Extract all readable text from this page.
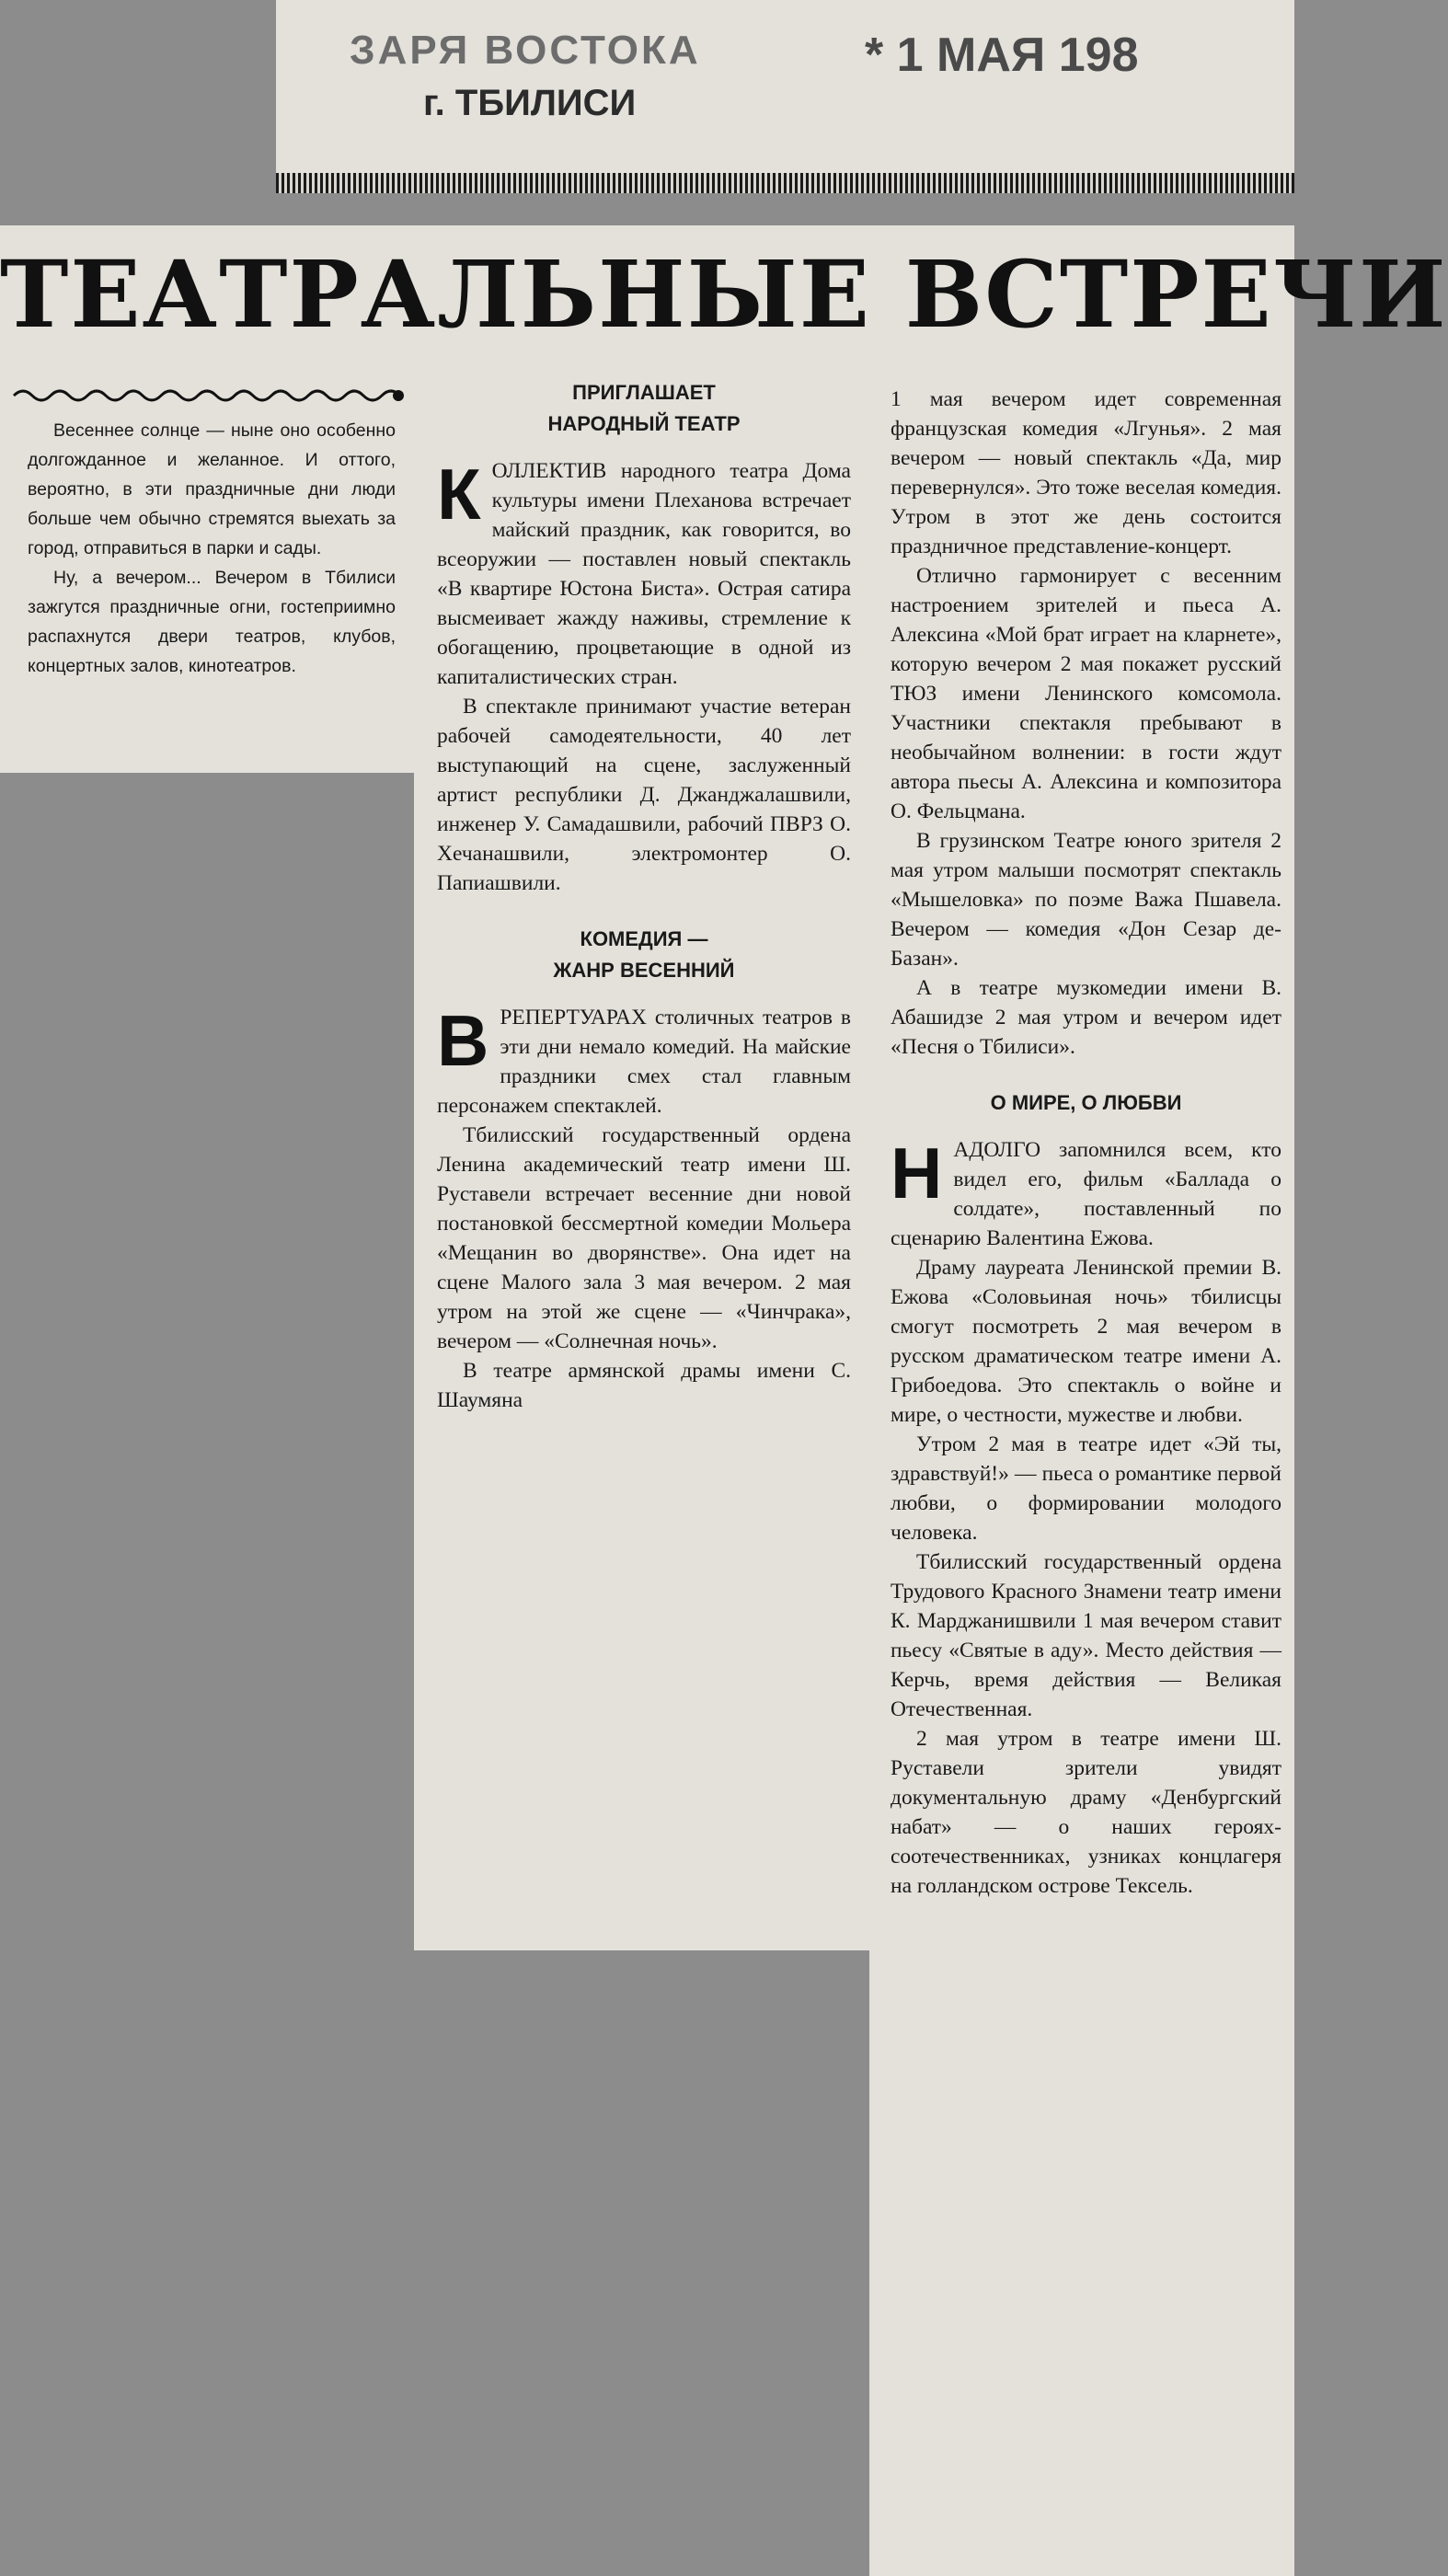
ЗАРЯ ВОСТОКА
г. ТБИЛИСИ
* 1 МАЯ 198
ТЕАТРАЛЬНЫЕ ВСТРЕЧИ

Весеннее солнце — ныне оно особенно долгожданное и желанное. И оттого, вероятно, в эти праздничные дни люди больше чем обычно стремятся выехать за город, отправиться в парки и сады.

Ну, а вечером... Вечером в Тбилиси зажгутся праздничные огни, гостеприимно распахнутся двери театров, клубов, концертных залов, кинотеатров.

ПРИГЛАШАЕТ
НАРОДНЫЙ ТЕАТР

КОЛЛЕКТИВ народного театра Дома культуры имени Плеханова встречает майский праздник, как говорится, во всеоружии — поставлен новый спектакль «В квартире Юстона Биста». Острая сатира высмеивает жажду наживы, стремление к обогащению, процветающие в одной из капиталистических стран.

В спектакле принимают участие ветеран рабочей самодеятельности, 40 лет выступающий на сцене, заслуженный артист республики Д. Джанджалашвили, инженер У. Самадашвили, рабочий ПВРЗ О. Хечанашвили, электромонтер О. Папиашвили.

КОМЕДИЯ —
ЖАНР ВЕСЕННИЙ

ВРЕПЕРТУАРАХ столичных театров в эти дни немало комедий. На майские праздники смех стал главным персонажем спектаклей.

Тбилисский государственный ордена Ленина академический театр имени Ш. Руставели встречает весенние дни новой постановкой бессмертной комедии Мольера «Мещанин во дворянстве». Она идет на сцене Малого зала 3 мая вечером. 2 мая утром на этой же сцене — «Чинчрака», вечером — «Солнечная ночь».

В театре армянской драмы имени С. Шаумяна

1 мая вечером идет современная французская комедия «Лгунья». 2 мая вечером — новый спектакль «Да, мир перевернулся». Это тоже веселая комедия. Утром в этот же день состоится праздничное представление-концерт.

Отлично гармонирует с весенним настроением зрителей и пьеса А. Алексина «Мой брат играет на кларнете», которую вечером 2 мая покажет русский ТЮЗ имени Ленинского комсомола. Участники спектакля пребывают в необычайном волнении: в гости ждут автора пьесы А. Алексина и композитора О. Фельцмана.

В грузинском Театре юного зрителя 2 мая утром малыши посмотрят спектакль «Мышеловка» по поэме Важа Пшавела. Вечером — комедия «Дон Сезар де-Базан».

А в театре музкомедии имени В. Абашидзе 2 мая утром и вечером идет «Песня о Тбилиси».

О МИРЕ, О ЛЮБВИ

НАДОЛГО запомнился всем, кто видел его, фильм «Баллада о солдате», поставленный по сценарию Валентина Ежова.

Драму лауреата Ленинской премии В. Ежова «Соловьиная ночь» тбилисцы смогут посмотреть 2 мая вечером в русском драматическом театре имени А. Грибоедова. Это спектакль о войне и мире, о честности, мужестве и любви.

Утром 2 мая в театре идет «Эй ты, здравствуй!» — пьеса о романтике первой любви, о формировании молодого человека.

Тбилисский государственный ордена Трудового Красного Знамени театр имени К. Марджанишвили 1 мая вечером ставит пьесу «Святые в аду». Место действия — Керчь, время действия — Великая Отечественная.

2 мая утром в театре имени Ш. Руставели зрители увидят документальную драму «Денбургский набат» — о наших героях-соотечественниках, узниках концлагеря на голландском острове Тексель.
